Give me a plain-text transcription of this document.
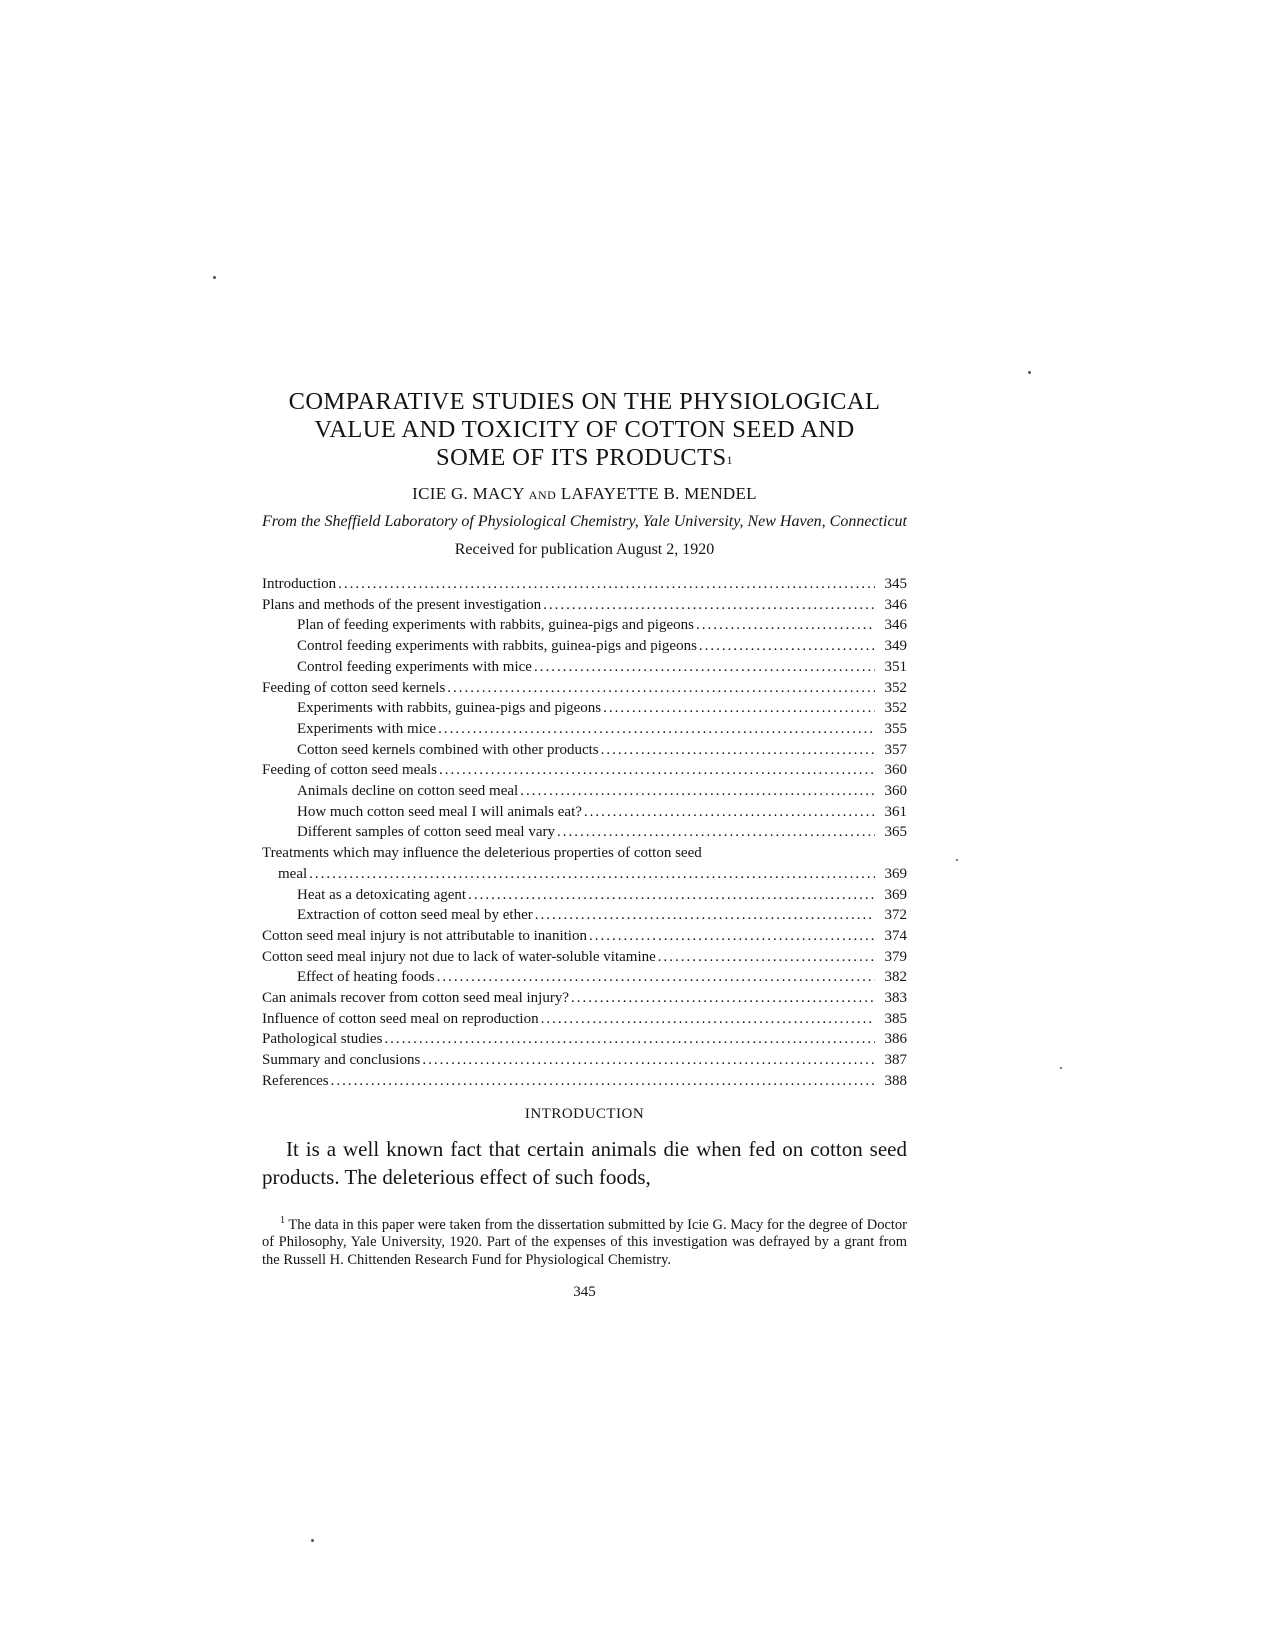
COMPARATIVE STUDIES ON THE PHYSIOLOGICAL
VALUE AND TOXICITY OF COTTON SEED AND
SOME OF ITS PRODUCTS$^1$
ICIE G. MACY AND LAFAYETTE B. MENDEL
From the Sheffield Laboratory of Physiological Chemistry, Yale University, New Haven, Connecticut
Received for publication August 2, 1920
Introduction .....	345
Plans and methods of the present investigation .....	346
Plan of feeding experiments with rabbits, guinea-pigs and pigeons .....	346
Control feeding experiments with rabbits, guinea-pigs and pigeons .....	349
Control feeding experiments with mice .....	351
Feeding of cotton seed kernels .....	352
Experiments with rabbits, guinea-pigs and pigeons .....	352
Experiments with mice .....	355
Cotton seed kernels combined with other products .....	357
Feeding of cotton seed meals .....	360
Animals decline on cotton seed meal .....	360
How much cotton seed meal I will animals eat? .....	361
Different samples of cotton seed meal vary .....	365
Treatments which may influence the deleterious properties of cotton seed
meal .....	369
Heat as a detoxicating agent .....	369
Extraction of cotton seed meal by ether .....	372
Cotton seed meal injury is not attributable to inanition .....	374
Cotton seed meal injury not due to lack of water-soluble vitamine .....	379
Effect of heating foods .....	382
Can animals recover from cotton seed meal injury? .....	383
Influence of cotton seed meal on reproduction .....	385
Pathological studies .....	386
Summary and conclusions .....	387
References .....	388
INTRODUCTION

It is a well known fact that certain animals die when fed on cotton seed products. The deleterious effect of such foods,

$^1$ The data in this paper were taken from the dissertation submitted by Icie G. Macy for the degree of Doctor of Philosophy, Yale University, 1920. Part of the expenses of this investigation was defrayed by a grant from the Russell H. Chittenden Research Fund for Physiological Chemistry.

345
